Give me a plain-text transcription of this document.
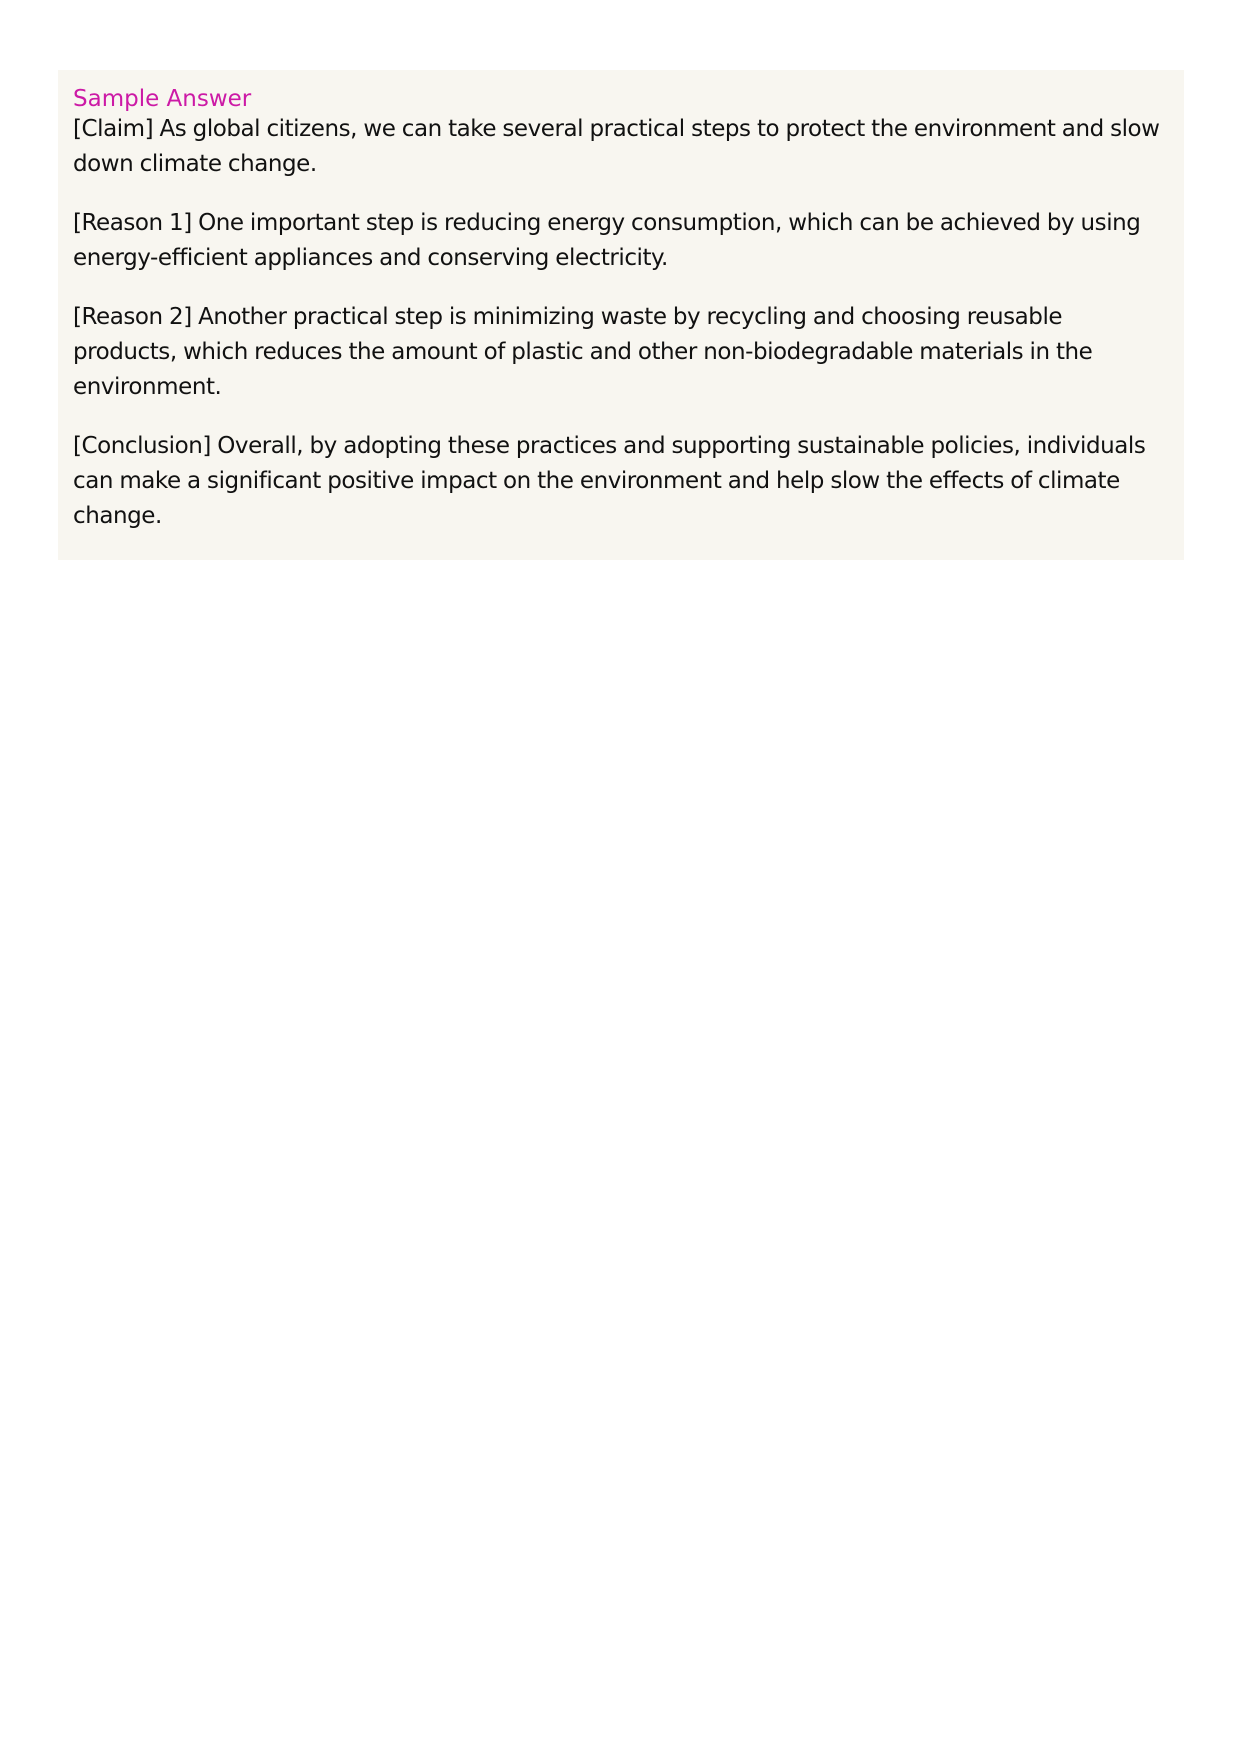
Sample Answer

[Claim] As global citizens, we can take several practical steps to protect the environment and slow down climate change.

[Reason 1] One important step is reducing energy consumption, which can be achieved by using energy-efficient appliances and conserving electricity.

[Reason 2] Another practical step is minimizing waste by recycling and choosing reusable products, which reduces the amount of plastic and other non-biodegradable materials in the environment.

[Conclusion] Overall, by adopting these practices and supporting sustainable policies, individuals can make a significant positive impact on the environment and help slow the effects of climate change.
